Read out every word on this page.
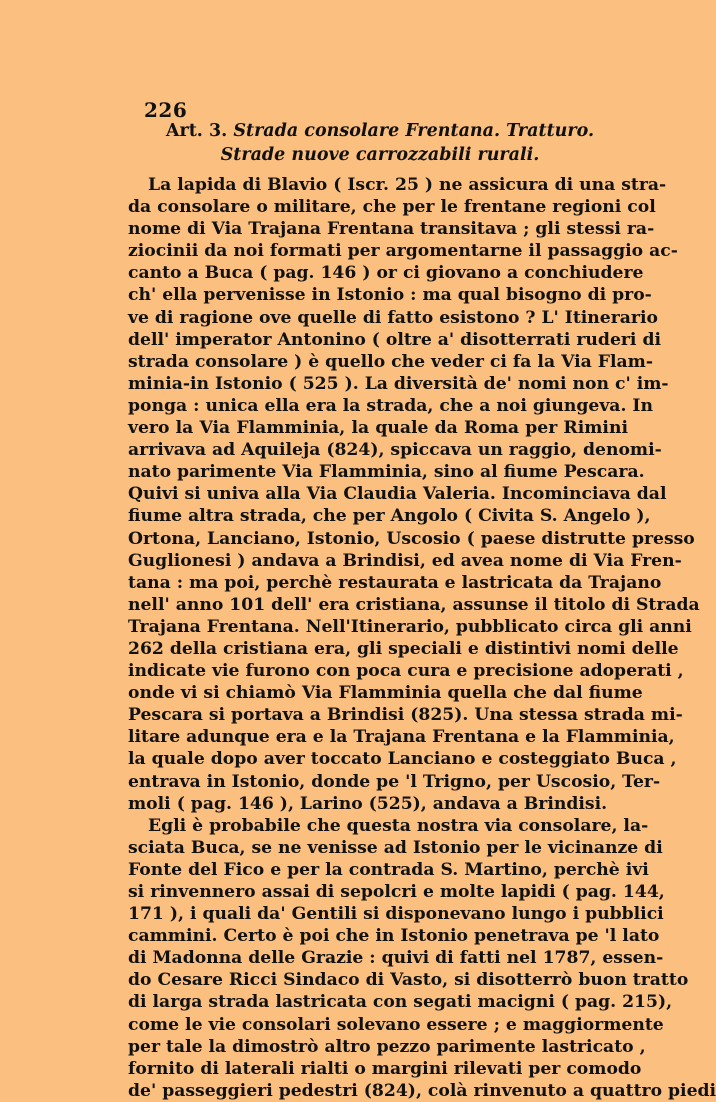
226
Art. 3. Strada consolare Frentana. Tratturo.
Strade nuove carrozzabili rurali.
La lapida di Blavio ( Iscr. 25 ) ne assicura di una stra-
da consolare o militare, che per le frentane regioni col
nome di Via Trajana Frentana transitava ; gli stessi ra-
ziocinii da noi formati per argomentarne il passaggio ac-
canto a Buca ( pag. 146 ) or ci giovano a conchiudere
ch' ella pervenisse in Istonio : ma qual bisogno di pro-
ve di ragione ove quelle di fatto esistono ? L' Itinerario
dell' imperator Antonino ( oltre a' disotterrati ruderi di
strada consolare ) è quello che veder ci fa la Via Flam-
minia-in Istonio ( 525 ). La diversità de' nomi non c' im-
ponga : unica ella era la strada, che a noi giungeva. In
vero la Via Flamminia, la quale da Roma per Rimini
arrivava ad Aquileja (824), spiccava un raggio, denomi-
nato parimente Via Flamminia, sino al fiume Pescara.
Quivi si univa alla Via Claudia Valeria. Incominciava dal
fiume altra strada, che per Angolo ( Civita S. Angelo ),
Ortona, Lanciano, Istonio, Uscosio ( paese distrutte presso
Guglionesi ) andava a Brindisi, ed avea nome di Via Fren-
tana : ma poi, perchè restaurata e lastricata da Trajano
nell' anno 101 dell' era cristiana, assunse il titolo di Strada
Trajana Frentana. Nell'Itinerario, pubblicato circa gli anni
262 della cristiana era, gli speciali e distintivi nomi delle
indicate vie furono con poca cura e precisione adoperati ,
onde vi si chiamò Via Flamminia quella che dal fiume
Pescara si portava a Brindisi (825). Una stessa strada mi-
litare adunque era e la Trajana Frentana e la Flamminia,
la quale dopo aver toccato Lanciano e costeggiato Buca ,
entrava in Istonio, donde pe 'l Trigno, per Uscosio, Ter-
moli ( pag. 146 ), Larino (525), andava a Brindisi.
Egli è probabile che questa nostra via consolare, la-
sciata Buca, se ne venisse ad Istonio per le vicinanze di
Fonte del Fico e per la contrada S. Martino, perchè ivi
si rinvennero assai di sepolcri e molte lapidi ( pag. 144,
171 ), i quali da' Gentili si disponevano lungo i pubblici
cammini. Certo è poi che in Istonio penetrava pe 'l lato
di Madonna delle Grazie : quivi di fatti nel 1787, essen-
do Cesare Ricci Sindaco di Vasto, si disotterrò buon tratto
di larga strada lastricata con segati macigni ( pag. 215),
come le vie consolari solevano essere ; e maggiormente
per tale la dimostrò altro pezzo parimente lastricato ,
fornito di laterali rialti o margini rilevati per comodo
de' passeggieri pedestri (824), colà rinvenuto a quattro piedi
